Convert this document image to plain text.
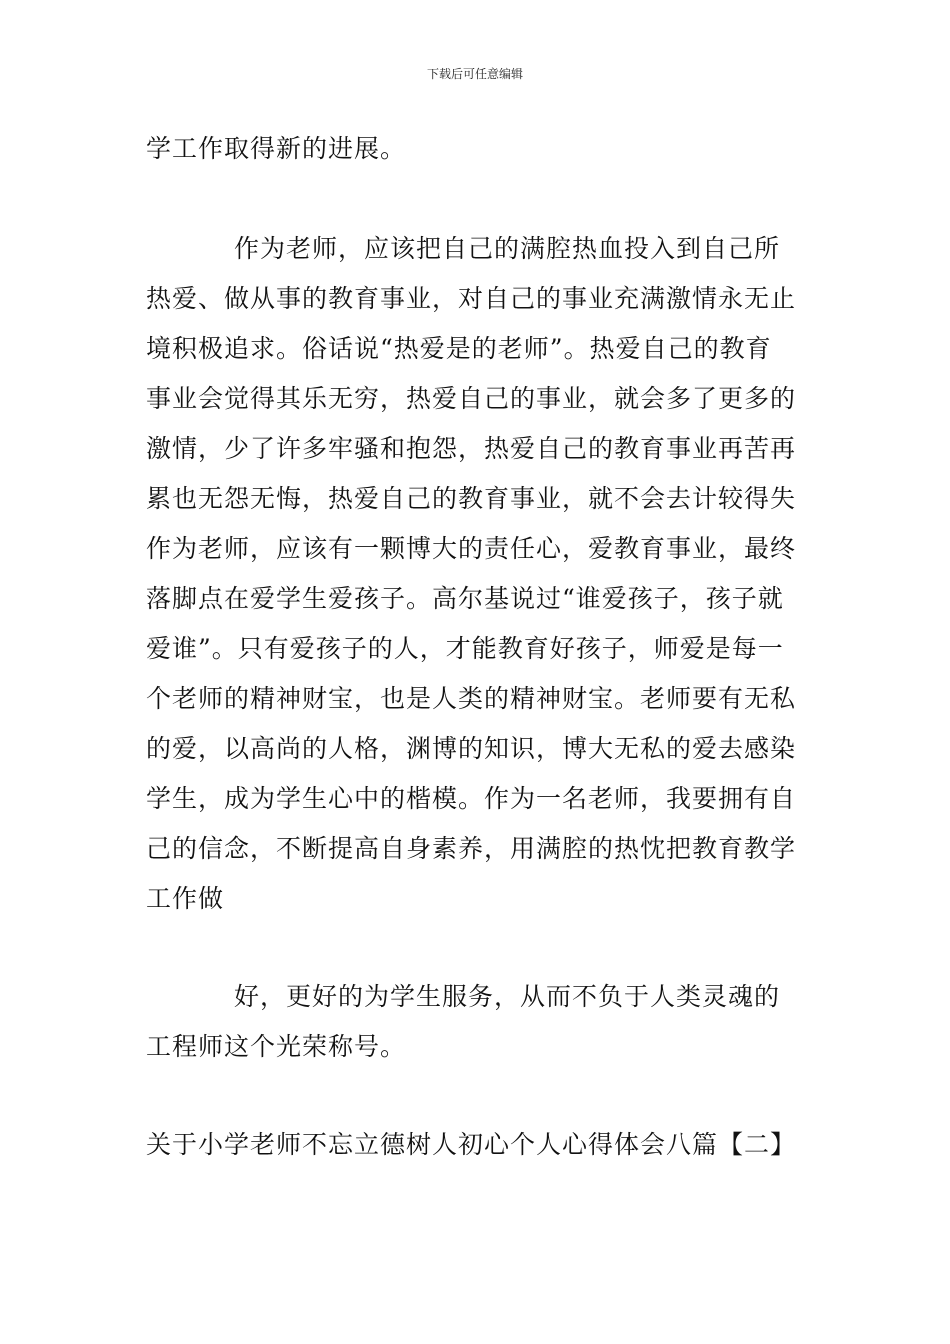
下载后可任意编辑
学工作取得新的进展。
作为老师，应该把自己的满腔热血投入到自己所
热爱、做从事的教育事业，对自己的事业充满激情永无止
境积极追求。俗话说“热爱是的老师”。热爱自己的教育
事业会觉得其乐无穷，热爱自己的事业，就会多了更多的
激情，少了许多牢骚和抱怨，热爱自己的教育事业再苦再
累也无怨无悔，热爱自己的教育事业，就不会去计较得失
作为老师，应该有一颗博大的责任心，爱教育事业，最终
落脚点在爱学生爱孩子。高尔基说过“谁爱孩子，孩子就
爱谁”。只有爱孩子的人，才能教育好孩子，师爱是每一
个老师的精神财宝，也是人类的精神财宝。老师要有无私
的爱，以高尚的人格，渊博的知识，博大无私的爱去感染
学生，成为学生心中的楷模。作为一名老师，我要拥有自
己的信念，不断提高自身素养，用满腔的热忱把教育教学
工作做
好，更好的为学生服务，从而不负于人类灵魂的
工程师这个光荣称号。
关于小学老师不忘立德树人初心个人心得体会八篇【二】
